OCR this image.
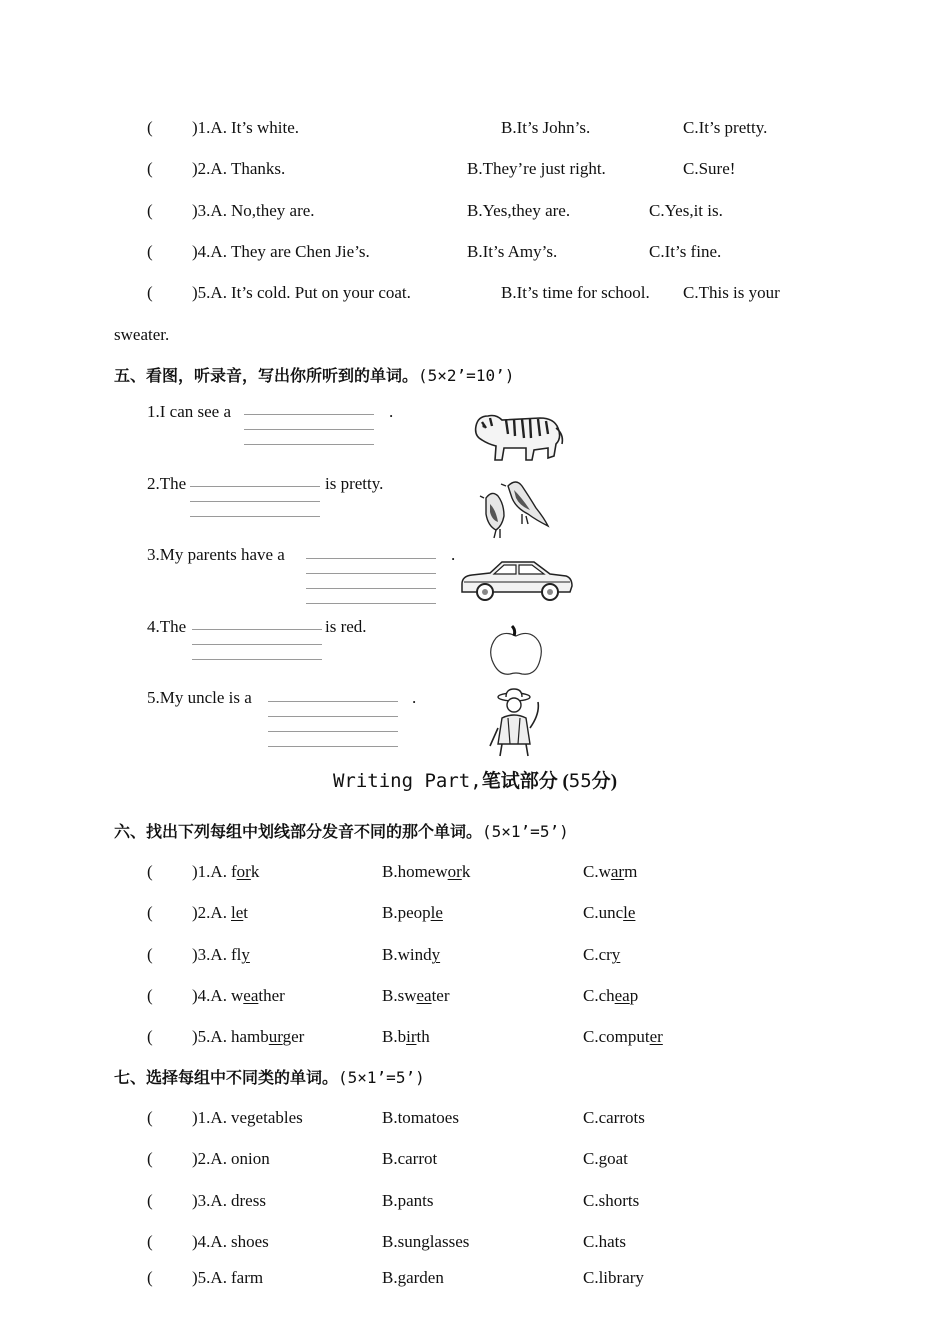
( )1.A. It’s white.	B.It’s John’s.	C.It’s pretty.
( )2.A. Thanks.	B.They’re just right.	C.Sure!
( )3.A. No,they are.	B.Yes,they are.	C.Yes,it is.
( )4.A. They are Chen Jie’s.	B.It’s Amy’s.	C.It’s fine.
( )5.A. It’s cold. Put on your coat.	B.It’s time for school. C.This is your
sweater.
五、看图，听录音，写出你所听到的单词。(5×2’=10’)
1.I can see a	.
2.The	is pretty.
3.My parents have a	.
4.The	is red.
5.My uncle is a	.
Writing Part,笔试部分 (55分)
六、找出下列每组中划线部分发音不同的那个单词。(5×1’=5’)
( )1.A. fork	B.homework	C.warm
( )2.A. let	B.people	C.uncle
( )3.A. fly	B.windy	C.cry
( )4.A. weather	B.sweater	C.cheap
( )5.A. hamburger	B.birth	C.computer
七、选择每组中不同类的单词。(5×1’=5’)
( )1.A. vegetables	B.tomatoes	C.carrots
( )2.A. onion	B.carrot	C.goat
( )3.A. dress	B.pants	C.shorts
( )4.A. shoes	B.sunglasses	C.hats
( )5.A. farm	B.garden	C.library
